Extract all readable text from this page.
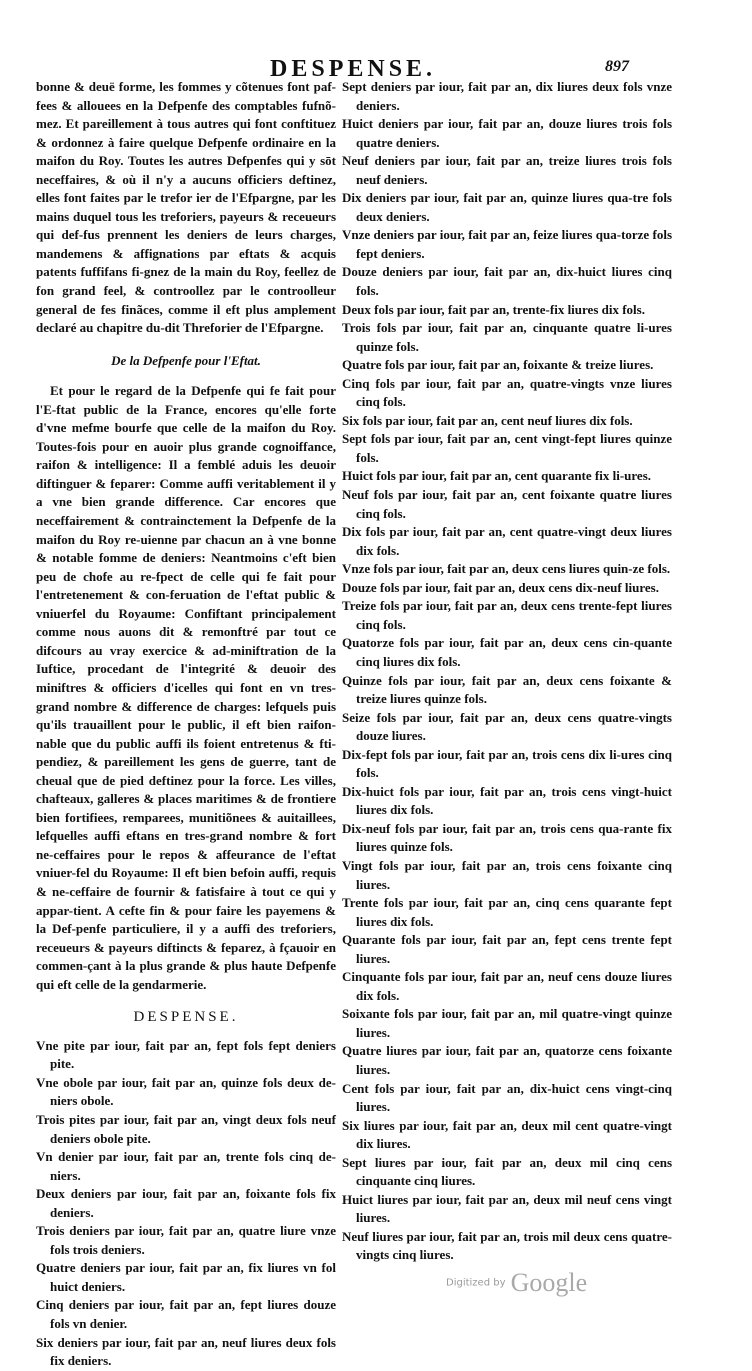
DESPENSE.	897

bonne & deuë forme, les fommes y cõtenues font paf-fees & allouees en la Defpenfe des comptables fufnõ-mez. Et pareillement à tous autres qui font conftituez & ordonnez à faire quelque Defpenfe ordinaire en la maifon du Roy. Toutes les autres Defpenfes qui y sōt neceffaires, & où il n'y a aucuns officiers deftinez, elles font faites par le trefor ier de l'Efpargne, par les mains duquel tous les treforiers, payeurs & receueurs qui def-fus prennent les deniers de leurs charges, mandemens & affignations par eftats & acquis patents fuffifans fi-gnez de la main du Roy, feellez de fon grand feel, & controollez par le controolleur general de fes finãces, comme il eft plus amplement declaré au chapitre du-dit Threforier de l'Efpargne.

De la Defpenfe pour l'Eftat.

Et pour le regard de la Defpenfe qui fe fait pour l'E-ftat public de la France, encores qu'elle forte d'vne mefme bourfe que celle de la maifon du Roy. Toutes-fois pour en auoir plus grande cognoiffance, raifon & intelligence: Il a femblé aduis les deuoir diftinguer & feparer: Comme auffi veritablement il y a vne bien grande difference. Car encores que neceffairement & contrainctement la Defpenfe de la maifon du Roy re-uienne par chacun an à vne bonne & notable fomme de deniers: Neantmoins c'eft bien peu de chofe au re-fpect de celle qui fe fait pour l'entretenement & con-feruation de l'eftat public & vniuerfel du Royaume: Confiftant principalement comme nous auons dit & remonftré par tout ce difcours au vray exercice & ad-miniftration de la Iuftice, procedant de l'integrité & deuoir des miniftres & officiers d'icelles qui font en vn tres-grand nombre & difference de charges: lefquels puis qu'ils trauaillent pour le public, il eft bien raifon-nable que du public auffi ils foient entretenus & fti-pendiez, & pareillement les gens de guerre, tant de cheual que de pied deftinez pour la force. Les villes, chafteaux, galleres & places maritimes & de frontiere bien fortifiees, remparees, munitiõnees & auitaillees, lefquelles auffi eftans en tres-grand nombre & fort ne-ceffaires pour le repos & affeurance de l'eftat vniuer-fel du Royaume: Il eft bien befoin auffi, requis & ne-ceffaire de fournir & fatisfaire à tout ce qui y appar-tient. A cefte fin & pour faire les payemens & la Def-penfe particuliere, il y a auffi des treforiers, receueurs & payeurs diftincts & feparez, à fçauoir en commen-çant à la plus grande & plus haute Defpenfe qui eft celle de la gendarmerie.

DESPENSE.

Vne pite par iour, fait par an, fept fols fept deniers pite.

Vne obole par iour, fait par an, quinze fols deux de-niers obole.

Trois pites par iour, fait par an, vingt deux fols neuf deniers obole pite.

Vn denier par iour, fait par an, trente fols cinq de-niers.

Deux deniers par iour, fait par an, foixante fols fix deniers.

Trois deniers par iour, fait par an, quatre liure vnze fols trois deniers.

Quatre deniers par iour, fait par an, fix liures vn fol huict deniers.

Cinq deniers par iour, fait par an, fept liures douze fols vn denier.

Six deniers par iour, fait par an, neuf liures deux fols fix deniers.

Sept deniers par iour, fait par an, dix liures deux fols vnze deniers.

Huict deniers par iour, fait par an, douze liures trois fols quatre deniers.

Neuf deniers par iour, fait par an, treize liures trois fols neuf deniers.

Dix deniers par iour, fait par an, quinze liures qua-tre fols deux deniers.

Vnze deniers par iour, fait par an, feize liures qua-torze fols fept deniers.

Douze deniers par iour, fait par an, dix-huict liures cinq fols.

Deux fols par iour, fait par an, trente-fix liures dix fols.

Trois fols par iour, fait par an, cinquante quatre li-ures quinze fols.

Quatre fols par iour, fait par an, foixante & treize liures.

Cinq fols par iour, fait par an, quatre-vingts vnze liures cinq fols.

Six fols par iour, fait par an, cent neuf liures dix fols.

Sept fols par iour, fait par an, cent vingt-fept liures quinze fols.

Huict fols par iour, fait par an, cent quarante fix li-ures.

Neuf fols par iour, fait par an, cent foixante quatre liures cinq fols.

Dix fols par iour, fait par an, cent quatre-vingt deux liures dix fols.

Vnze fols par iour, fait par an, deux cens liures quin-ze fols.

Douze fols par iour, fait par an, deux cens dix-neuf liures.

Treize fols par iour, fait par an, deux cens trente-fept liures cinq fols.

Quatorze fols par iour, fait par an, deux cens cin-quante cinq liures dix fols.

Quinze fols par iour, fait par an, deux cens foixante & treize liures quinze fols.

Seize fols par iour, fait par an, deux cens quatre-vingts douze liures.

Dix-fept fols par iour, fait par an, trois cens dix li-ures cinq fols.

Dix-huict fols par iour, fait par an, trois cens vingt-huict liures dix fols.

Dix-neuf fols par iour, fait par an, trois cens qua-rante fix liures quinze fols.

Vingt fols par iour, fait par an, trois cens foixante cinq liures.

Trente fols par iour, fait par an, cinq cens quarante fept liures dix fols.

Quarante fols par iour, fait par an, fept cens trente fept liures.

Cinquante fols par iour, fait par an, neuf cens douze liures dix fols.

Soixante fols par iour, fait par an, mil quatre-vingt quinze liures.

Quatre liures par iour, fait par an, quatorze cens foixante liures.

Cent fols par iour, fait par an, dix-huict cens vingt-cinq liures.

Six liures par iour, fait par an, deux mil cent quatre-vingt dix liures.

Sept liures par iour, fait par an, deux mil cinq cens cinquante cinq liures.

Huict liures par iour, fait par an, deux mil neuf cens vingt liures.

Neuf liures par iour, fait par an, trois mil deux cens quatre-vingts cinq liures.

Digitized by Google
